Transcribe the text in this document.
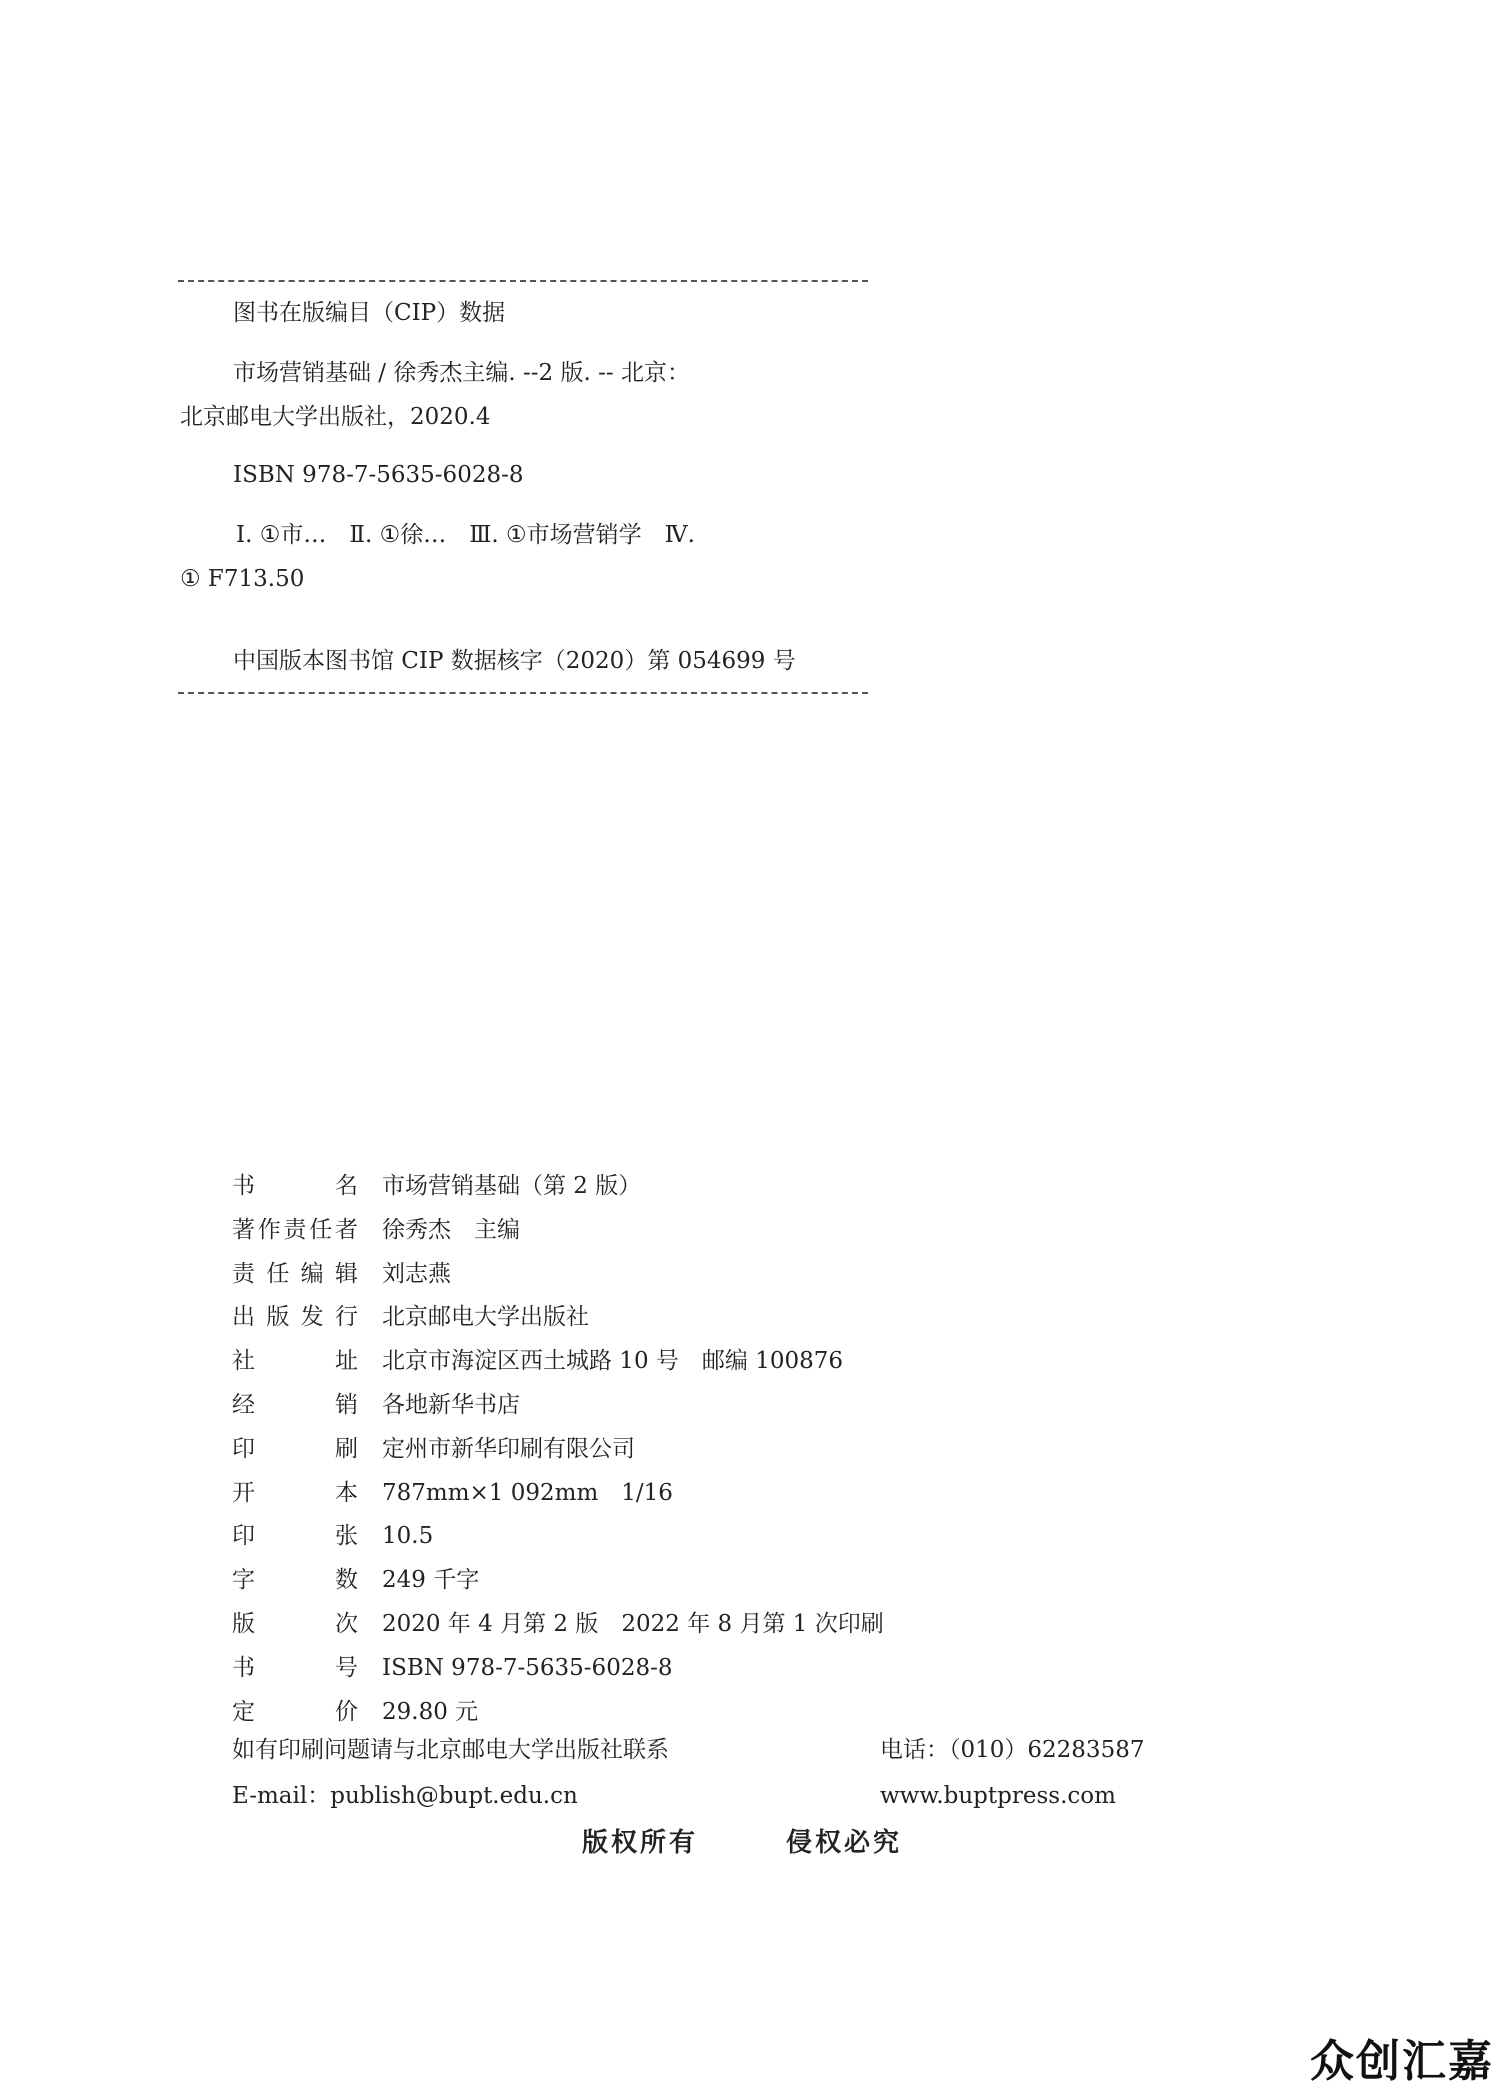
图书在版编目（CIP）数据
市场营销基础 / 徐秀杰主编. --2 版. -- 北京：
北京邮电大学出版社，2020.4
ISBN 978-7-5635-6028-8
Ⅰ. ①市…　Ⅱ. ①徐…　Ⅲ. ①市场营销学　Ⅳ.
① F713.50
中国版本图书馆 CIP 数据核字（2020）第 054699 号
书	名 市场营销基础（第 2 版）
著 作 责 任 者 徐秀杰　主编
责 任 编 辑 刘志燕
出 版 发 行 北京邮电大学出版社
社	址 北京市海淀区西土城路 10 号　邮编 100876
经	销 各地新华书店
印	刷 定州市新华印刷有限公司
开	本 787mm×1 092mm　1/16
印	张 10.5
字	数 249 千字
版	次 2020 年 4 月第 2 版　2022 年 8 月第 1 次印刷
书	号 ISBN 978-7-5635-6028-8
定	价 29.80 元
如有印刷问题请与北京邮电大学出版社联系	电话：（010）62283587
E-mail：publish@bupt.edu.cn	www.buptpress.com
版权所有	侵权必究
众创汇嘉
